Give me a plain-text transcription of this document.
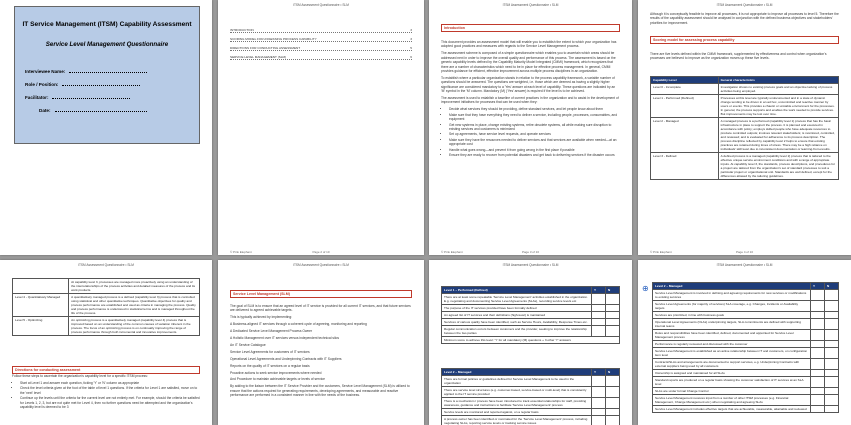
IT Service Management (ITSM) Capability Assessment
Service Level Management Questionnaire
Interviewee Name:
Role / Position:
Facilitator:
Date:
ITSM Assessment Questionnaire • SLM
INTRODUCTION	3
SCORING MODEL FOR ASSESSING PROCESS CAPABILITY	3
DIRECTIONS FOR CONDUCTING ASSESSMENT	5
SERVICE LEVEL MANAGEMENT (SLM)	6
© Pink Elephant	Page 2 of 10
ITSM Assessment Questionnaire • SLM
Introduction

This document provides an assessment model that will enable you to establish the extent to which your organization has adopted good practices and measures with regards to the Service Level Management process.

The assessment scheme is composed of a simple questionnaire which enables you to ascertain which areas should be addressed next in order to improve the overall quality and performance of this process. The assessment is based on the generic capability levels defined by the Capability Maturity Model Integrated (CMMI) framework, which recognizes that there are a number of characteristics which need to be in place for effective process management. In general, CMMI provides guidance for efficient, effective improvement across multiple process disciplines in an organization.

To establish where a particular organization stands in relation to the process capability framework, a variable number of questions should be answered. The questions are weighted, i.e. those which are deemed as having a slightly higher significance are considered mandatory to a 'Yes' answer at each level of capability. These questions are indicated by an 'M' symbol in the 'M' column. Mandatory (M) ('Yes' answer) is required if the level is to be achieved.

The assessment is used to establish a baseline of current practices in the organization and to assist in the development of improvement initiatives for processes that can be used when they:

• Decide what services they should be providing, define standard services, and let people know about them
• Make sure that they have everything they need to deliver a service, including people, processes, consumables, and equipment
• Get new systems in place, change existing systems, retire obsolete systems, all while making sure disruption to existing services and customers is minimized
• Set up agreements, have service level requests, and operate services
• Make sure they have the resources needed to deliver services and that services are available when needed—at an appropriate cost
• Handle what goes wrong—and prevent it from going wrong in the first place if possible
• Ensure they are ready to recover from potential disasters and get back to delivering services if the disaster occurs
© Pink Elephant	Page 3 of 10
ITSM Assessment Questionnaire • SLM

Although it is conceptually feasible to improve all processes, it is not appropriate to improve all processes to level 5. Therefore the results of the capability assessment should be analysed in conjunction with the defined business objectives and stakeholders' priorities for improvement.

Scoring model for assessing process capability

There are five levels defined within the CMMI framework, supplemented by effectiveness and control when organization's processes are believed to improve as the organization moves up these five levels.

Capability Level	General characteristics
Level 0 - Incomplete	Investigation shows no existing process goals and an objective lacking of process activities being employed.
Level 1 - Performed (Defined)	Processes at this level are typically undocumented and in a state of dynamic change tending to be driven in an ad hoc, uncontrolled and reactive manner by users or events. This provides a chaotic or unstable environment for the processes. In general, the process supports and enables the work needed to provide services. But improvements may be lost over time.
Level 2 - Managed	A managed process is a performed (capability level 1) process that has the basic infrastructure in place to support the process. It is planned and executed in accordance with policy; employs skilled people who have adequate resources to produce controlled outputs; involves relevant stakeholders; is monitored, controlled, and reviewed; and is evaluated for adherence to its process description. The process discipline reflected by capability level 2 helps to ensure that existing practices are retained during times of stress. There may be a high reliance on individuals' skill level due to inconsistent documentation or learning-from-results.
Level 3 - Defined	A defined process is a managed (capability level 2) process that is tailored to the effective unique service environment conditions and with a range of appropriate inputs. At capability level 3, the standards, process descriptions, and procedures for a project are tailored from the organization's set of standard processes to suit a particular project or organizational unit. Standards are well defined, except for the differences allowed by the tailoring guidelines.
© Pink Elephant	Page 4 of 10
ITSM Assessment Questionnaire • SLM
	At capability level 3, processes are managed more proactively using an understanding of the interrelationships of the process activities and detailed measures of the process and its work products.
Level 4 - Quantitatively Managed	A quantitatively managed process is a defined (capability level 3) process that is controlled using statistical and other quantitative techniques. Quantitative objectives for quality and process performance are established and used as criteria in managing the process. Quality and process performance is understood in statistical terms and is managed throughout the life of the process.
Level 5 - Optimizing	An optimizing process is a quantitatively managed (capability level 4) process that is improved based on an understanding of the common causes of variation inherent in the process. The focus of an optimizing process is on continually improving the range of process performance through both incremental and innovative improvements.
Directions for conducting assessment

Follow these steps to ascertain the organization's capability level for a specific ITSM process:

• Start at Level 1 and answer each question, ticking 'Y' or 'N' column as appropriate
• Check the level criteria given at the foot of the table of level 1 questions. If the criteria for Level 1 are satisfied, move on to the 'next' level
• Continue up the levels until the criteria for the current level are not entirely met. For example, should the criteria be satisfied for Levels 1, 2, 3, but are not quite met for Level 4, then no further questions need be attempted and the organization's capability level is deemed to be 3
ITSM Assessment Questionnaire • SLM
Service Level Management (SLM)

The goal of SLM is to ensure that an agreed level of IT service is provided for all current IT services, and that future services are delivered to agreed achievable targets.

This is typically achieved by implementing:

A Business-aligned IT services through a coherent cycle of agreeing, monitoring and reporting

A Dedicated Service Level Management Process Owner

A Holistic Management over IT services versus independent technical silos

An IT Service Catalogue

Service Level Agreements for customers of IT services

Operational Level Agreements and Underpinning Contracts with IT Suppliers

Reports on the quality of IT services on a regular basis

Proactive actions to seek service improvements where needed

And Procedure to maintain achievable targets or levels of service

By adding to the liaison between the IT Service Provider and the customers, Service Level Management (SLM) is utilized to ensure that the actions required for generating requirements, developing agreements, and measurable and reactive performance are performed in a consistent manner in line with the needs of the business.

ITSM Assessment Questionnaire • SLM
Level 1 – Performed (Defined)	Y	N
There are at least some repeatable 'Service Level Management' activities established in the organization. E.g. negotiating and documenting Service Level Agreements (SLAs), recording service levels etc		
The purpose of the IT services provided have been formally defined		
An agreed list of IT services and their definitions (high-level) is maintained		
Services of various quality have been identified, such as Service Hours, Availability, Response Times etc.		
Regular communication occurs between customers and the provider, seeking to improve the relationship between the two parties		
Minimum score to achieve this level: 'Y' for all mandatory (M) questions + 3 other 'Y' answers		
Level 2 – Managed	Y	N
There are formal policies or guidelines defined for Service Level Management to be used in the organization		
There are service level structures (e.g. customer-based, service-based or multi-level) that is consistently applied to the IT service provided		
There is a mechanism / process have been introduced to track essential relationships for staff, providing awareness, guidance and instructions to facilitate 'Service Level Management' process		
Service levels are monitored and reported against, on a regular basis		
A process owner has been identified or nominated for the 'Service Level Management' process, including negotiating SLAs, reporting service levels or tracking service issues		
ITSM Assessment Questionnaire • SLM
⊕ Level 2 – Managed	Y	N
Service Level Management is involved in defining and agreeing requirements for new services or modifications to existing services		
Service Level Agreements (for majority of services) SLA coverage, e.g. Changes, Incidents or Availability targets		
Services are prioritized, in line with business goals		
Operational Level Agreements (OLAs) underpinning targets, SLA commitments are defined with supporting internal teams		
Roles and responsibilities have been identified, defined, documented and appointed for Service Level Management process		
Performance is regularly reviewed and discussed with the customer		
Service Level Management is established as an active relationship between IT and customers, on configuration item level		
Contracts/SLAs and arrangements are documented to support services, e.g. Underpinning Contracts with external suppliers being used by all customers		
Ownership is assigned and maintained for all SLAs		
Standard reports are produced on a regular basis showing the customer satisfaction of IT services at an SLA level		
SLAs are under formal Change Control		
Service Level Management receives input from a number of other ITSM processes (e.g. Financial Management, Change Management etc.) when negotiating and agreeing SLAs		
Service Level Management includes effective targets that are achievable, measurable, attainable and reviewed		
